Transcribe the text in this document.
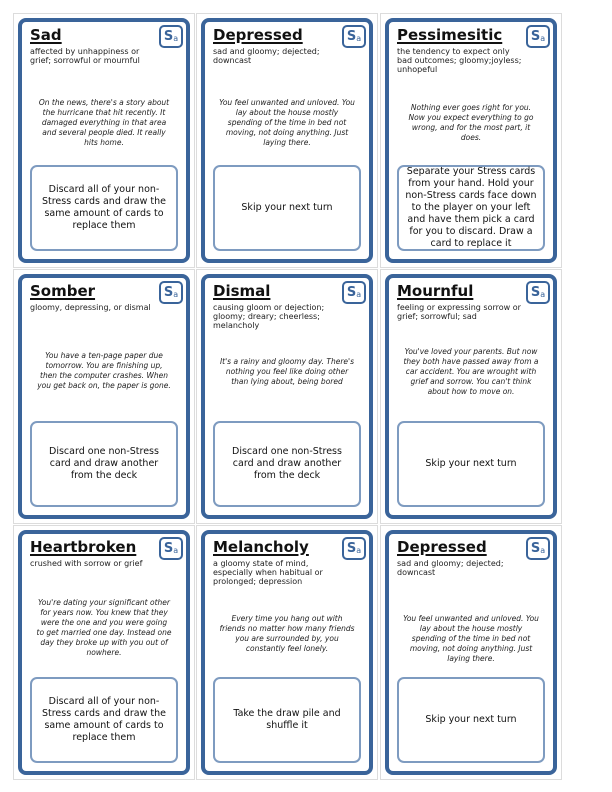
Sad	Sa
affected by unhappiness or grief; sorrowful or mournful
On the news, there's a story about the hurricane that hit recently. It damaged everything in that area and several people died. It really hits home.
Discard all of your non-Stress cards and draw the same amount of cards to replace them
Depressed	Sa
sad and gloomy; dejected; downcast
You feel unwanted and unloved. You lay about the house mostly spending of the time in bed not moving, not doing anything. Just laying there.
Skip your next turn
Pessimesitic	Sa
the tendency to expect only bad outcomes; gloomy;joyless; unhopeful
Nothing ever goes right for you. Now you expect everything to go wrong, and for the most part, it does.
Separate your Stress cards from your hand. Hold your non-Stress cards face down to the player on your left and have them pick a card for you to discard. Draw a card to replace it
Somber	Sa
gloomy, depressing, or dismal
You have a ten-page paper due tomorrow. You are finishing up, then the computer crashes. When you get back on, the paper is gone.
Discard one non-Stress card and draw another from the deck
Dismal	Sa
causing gloom or dejection; gloomy; dreary; cheerless; melancholy
It's a rainy and gloomy day. There's nothing you feel like doing other than lying about, being bored
Discard one non-Stress card and draw another from the deck
Mournful	Sa
feeling or expressing sorrow or grief; sorrowful; sad
You've loved your parents. But now they both have passed away from a car accident. You are wrought with grief and sorrow. You can't think about how to move on.
Skip your next turn
Heartbroken	Sa
crushed with sorrow or grief
You're dating your significant other for years now. You knew that they were the one and you were going to get married one day. Instead one day they broke up with you out of nowhere.
Discard all of your non-Stress cards and draw the same amount of cards to replace them
Melancholy	Sa
a gloomy state of mind, especially when habitual or prolonged; depression
Every time you hang out with friends no matter how many friends you are surrounded by, you constantly feel lonely.
Take the draw pile and shuffle it
Depressed	Sa
sad and gloomy; dejected; downcast
You feel unwanted and unloved. You lay about the house mostly spending of the time in bed not moving, not doing anything. Just laying there.
Skip your next turn
